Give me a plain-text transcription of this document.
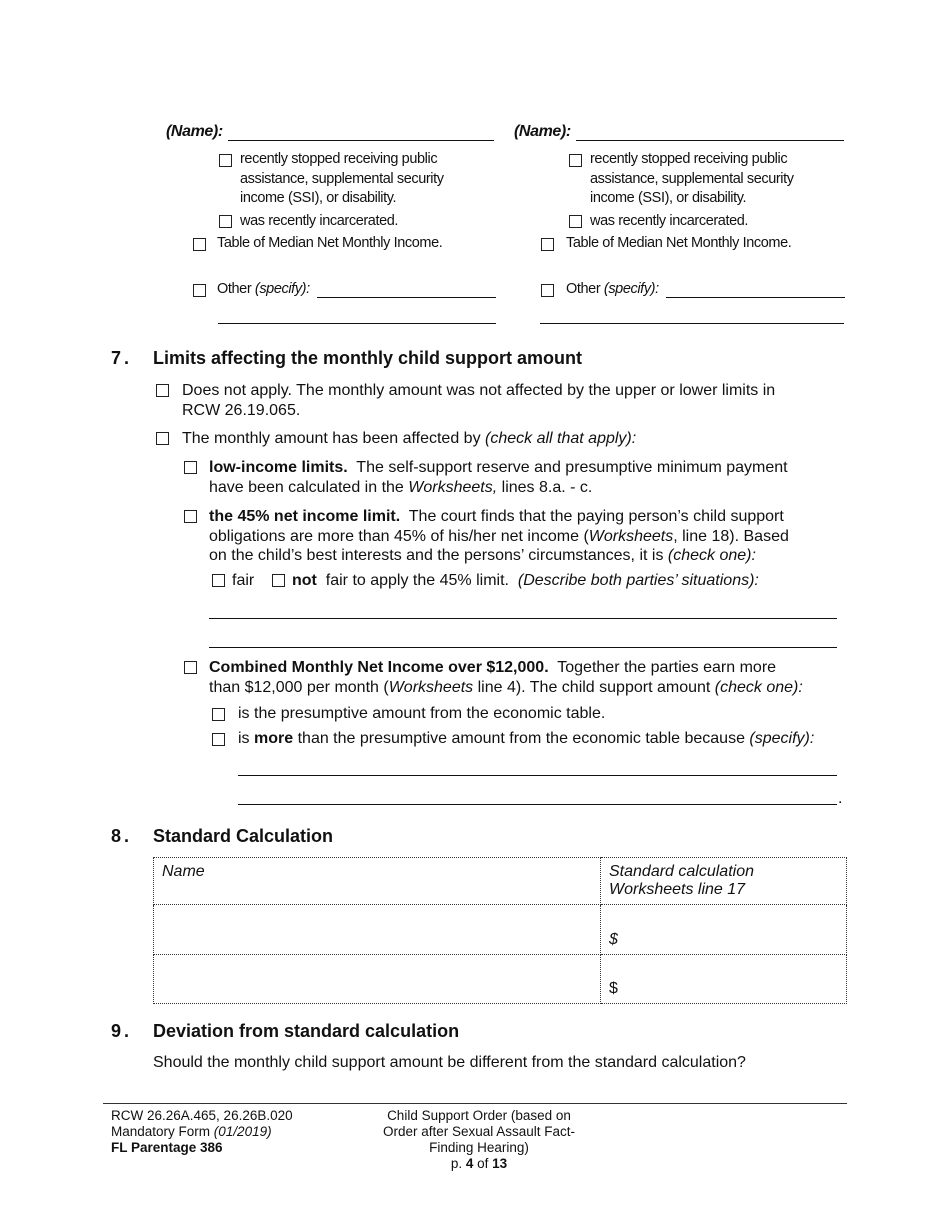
(Name):
recently stopped receiving public
assistance, supplemental security
income (SSI), or disability.
was recently incarcerated.
Table of Median Net Monthly Income.
Other (specify):
(Name):
recently stopped receiving public
assistance, supplemental security
income (SSI), or disability.
was recently incarcerated.
Table of Median Net Monthly Income.
Other (specify):
7. Limits affecting the monthly child support amount
Does not apply. The monthly amount was not affected by the upper or lower limits in
RCW 26.19.065.
The monthly amount has been affected by (check all that apply):
low-income limits. The self-support reserve and presumptive minimum payment
have been calculated in the Worksheets, lines 8.a. - c.
the 45% net income limit. The court finds that the paying person’s child support
obligations are more than 45% of his/her net income (Worksheets, line 18). Based
on the child’s best interests and the persons’ circumstances, it is (check one):
fair not fair to apply the 45% limit. (Describe both parties’ situations):
Combined Monthly Net Income over $12,000. Together the parties earn more
than $12,000 per month (Worksheets line 4). The child support amount (check one):
is the presumptive amount from the economic table.
is more than the presumptive amount from the economic table because (specify):
.
8. Standard Calculation
Name	Standard calculation
Worksheets line 17

	$
	$
9. Deviation from standard calculation
Should the monthly child support amount be different from the standard calculation?
RCW 26.26A.465, 26.26B.020
Mandatory Form (01/2019)
FL Parentage 386
Child Support Order (based on
Order after Sexual Assault Fact-
Finding Hearing)
p. 4 of 13
